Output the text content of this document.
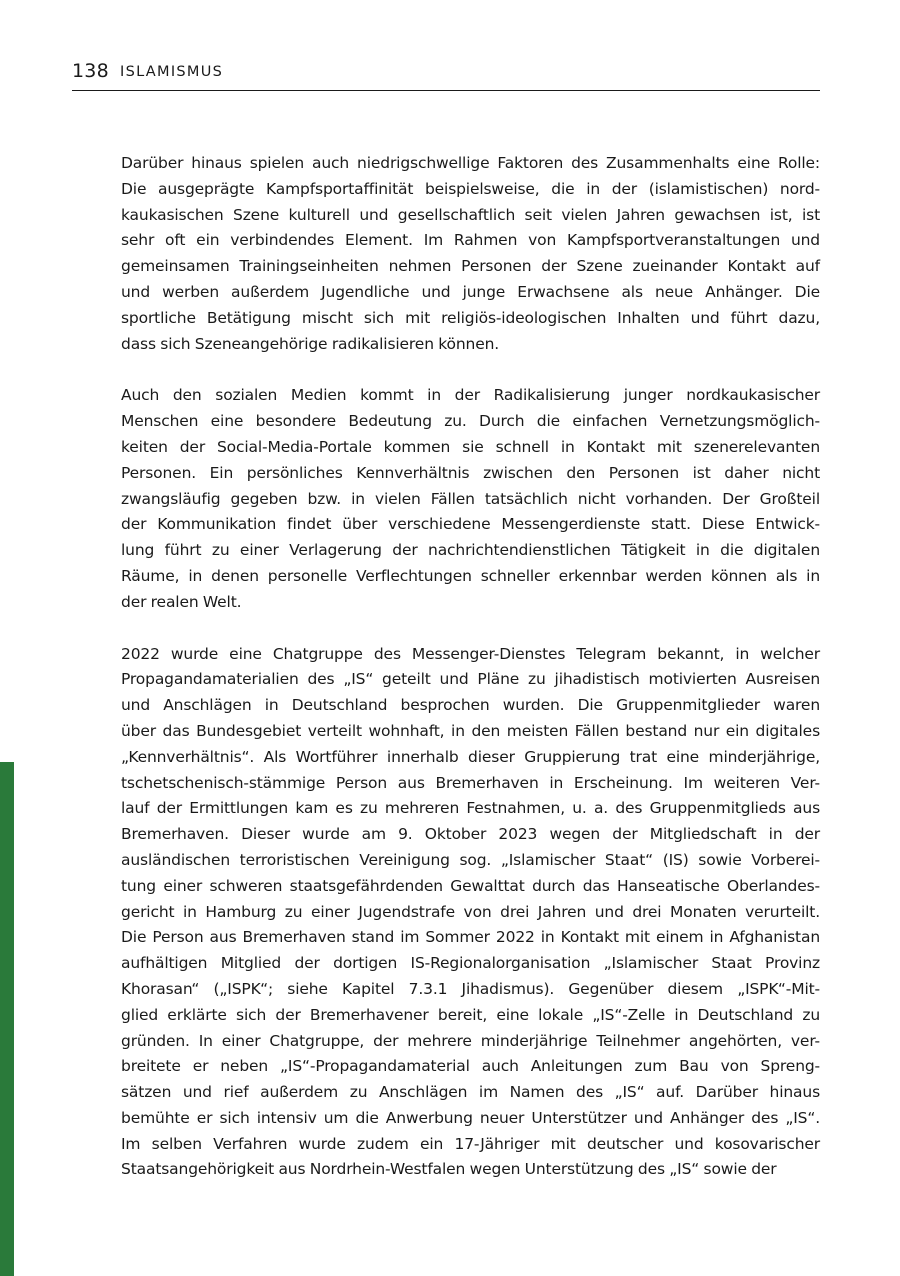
138 ISLAMISMUS

Darüber hinaus spielen auch niedrigschwellige Faktoren des Zusammenhalts eine Rolle:
Die ausgeprägte Kampfsportaffinität beispielsweise, die in der (islamistischen) nord-
kaukasischen Szene kulturell und gesellschaftlich seit vielen Jahren gewachsen ist, ist
sehr oft ein verbindendes Element. Im Rahmen von Kampfsportveranstaltungen und
gemeinsamen Trainingseinheiten nehmen Personen der Szene zueinander Kontakt auf
und werben außerdem Jugendliche und junge Erwachsene als neue Anhänger. Die
sportliche Betätigung mischt sich mit religiös-ideologischen Inhalten und führt dazu,
dass sich Szeneangehörige radikalisieren können.

Auch den sozialen Medien kommt in der Radikalisierung junger nordkaukasischer
Menschen eine besondere Bedeutung zu. Durch die einfachen Vernetzungsmöglich-
keiten der Social-Media-Portale kommen sie schnell in Kontakt mit szenerelevanten
Personen. Ein persönliches Kennverhältnis zwischen den Personen ist daher nicht
zwangsläufig gegeben bzw. in vielen Fällen tatsächlich nicht vorhanden. Der Großteil
der Kommunikation findet über verschiedene Messengerdienste statt. Diese Entwick-
lung führt zu einer Verlagerung der nachrichtendienstlichen Tätigkeit in die digitalen
Räume, in denen personelle Verflechtungen schneller erkennbar werden können als in
der realen Welt.

2022 wurde eine Chatgruppe des Messenger-Dienstes Telegram bekannt, in welcher
Propagandamaterialien des „IS“ geteilt und Pläne zu jihadistisch motivierten Ausreisen
und Anschlägen in Deutschland besprochen wurden. Die Gruppenmitglieder waren
über das Bundesgebiet verteilt wohnhaft, in den meisten Fällen bestand nur ein digitales
„Kennverhältnis“. Als Wortführer innerhalb dieser Gruppierung trat eine minderjährige,
tschetschenisch-stämmige Person aus Bremerhaven in Erscheinung. Im weiteren Ver-
lauf der Ermittlungen kam es zu mehreren Festnahmen, u. a. des Gruppenmitglieds aus
Bremerhaven. Dieser wurde am 9. Oktober 2023 wegen der Mitgliedschaft in der
ausländischen terroristischen Vereinigung sog. „Islamischer Staat“ (IS) sowie Vorberei-
tung einer schweren staatsgefährdenden Gewalttat durch das Hanseatische Oberlandes-
gericht in Hamburg zu einer Jugendstrafe von drei Jahren und drei Monaten verurteilt.
Die Person aus Bremerhaven stand im Sommer 2022 in Kontakt mit einem in Afghanistan
aufhältigen Mitglied der dortigen IS-Regionalorganisation „Islamischer Staat Provinz
Khorasan“ („ISPK“; siehe Kapitel 7.3.1 Jihadismus). Gegenüber diesem „ISPK“-Mit-
glied erklärte sich der Bremerhavener bereit, eine lokale „IS“-Zelle in Deutschland zu
gründen. In einer Chatgruppe, der mehrere minderjährige Teilnehmer angehörten, ver-
breitete er neben „IS“-Propagandamaterial auch Anleitungen zum Bau von Spreng-
sätzen und rief außerdem zu Anschlägen im Namen des „IS“ auf. Darüber hinaus
bemühte er sich intensiv um die Anwerbung neuer Unterstützer und Anhänger des „IS“.
Im selben Verfahren wurde zudem ein 17-Jähriger mit deutscher und kosovarischer
Staatsangehörigkeit aus Nordrhein-Westfalen wegen Unterstützung des „IS“ sowie der
